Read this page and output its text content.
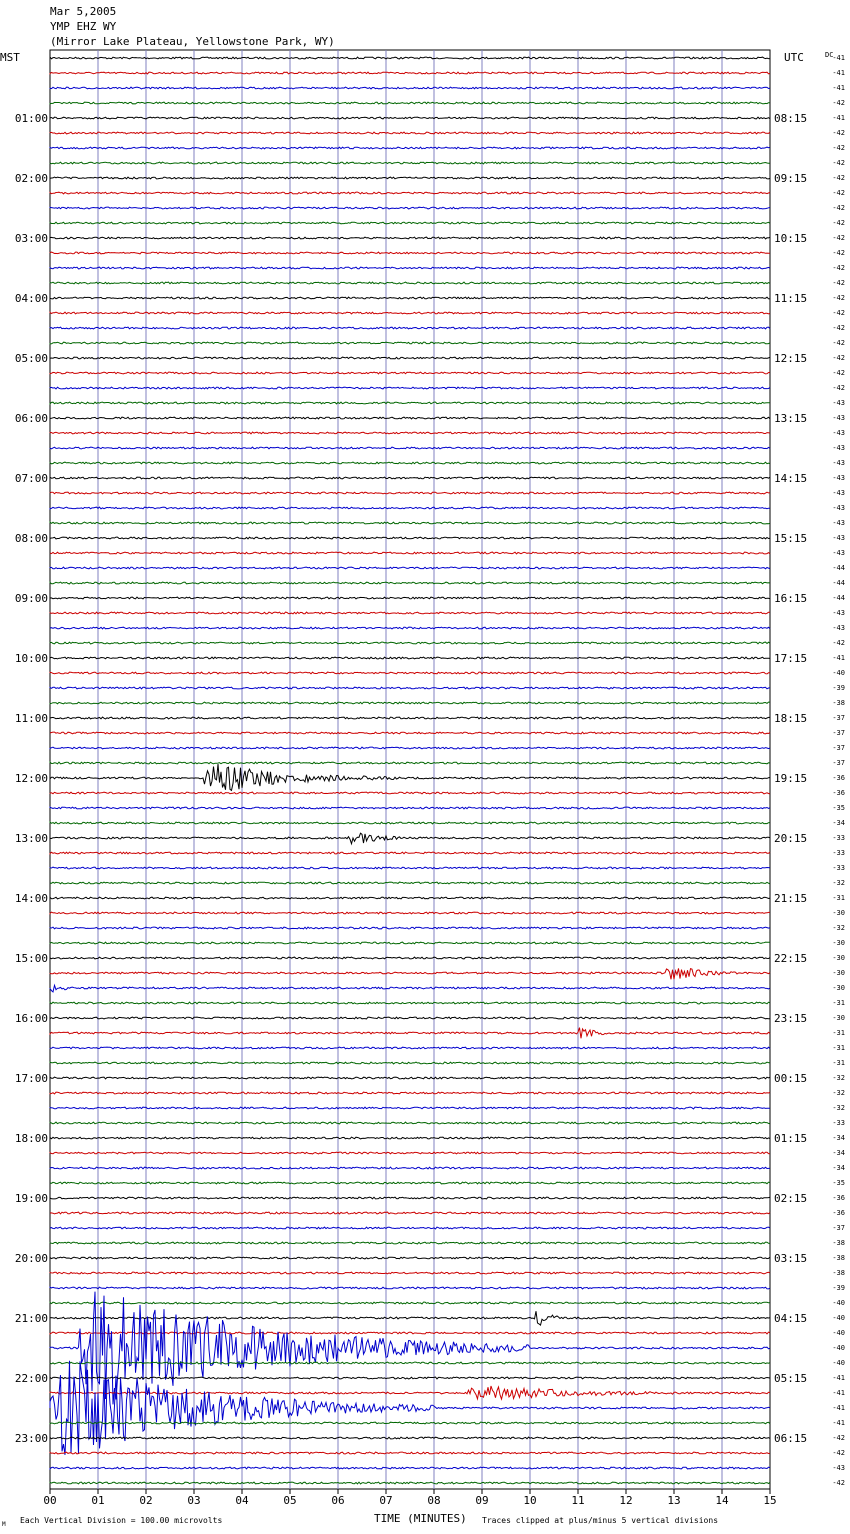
Mar 5,2005
YMP EHZ WY
(Mirror Lake Plateau, Yellowstone Park, WY)
00	01	02	03	04	05	06	07	08	09	10	11	12	13	14	15
01:00
02:00
03:00
04:00
05:00
06:00
07:00
08:00
09:00
10:00
11:00
12:00
13:00
14:00
15:00
16:00
17:00
18:00
19:00
20:00
21:00
22:00
23:00
08:15
09:15
10:15
11:15
12:15
13:15
14:15
15:15
16:15
17:15
18:15
19:15
20:15
21:15
22:15
23:15
00:15
01:15
02:15
03:15
04:15
05:15
06:15
-41
-41
-41
-42
-41
-42
-42
-42
-42
-42
-42
-42
-42
-42
-42
-42
-42
-42
-42
-42
-42
-42
-42
-43
-43
-43
-43
-43
-43
-43
-43
-43
-43
-43
-44
-44
-44
-43
-43
-42
-41
-40
-39
-38
-37
-37
-37
-37
-36
-36
-35
-34
-33
-33
-33
-32
-31
-30
-32
-30
-30
-30
-30
-31
-30
-31
-31
-31
-32
-32
-32
-33
-34
-34
-34
-35
-36
-36
-37
-38
-38
-38
-39
-40
-40
-40
-40
-40
-41
-41
-41
-41
-42
-42
-43
-42
MST	UTC	DC
TIME (MINUTES)
Each Vertical Division = 100.00 microvolts	Traces clipped at plus/minus 5 vertical divisions
M
